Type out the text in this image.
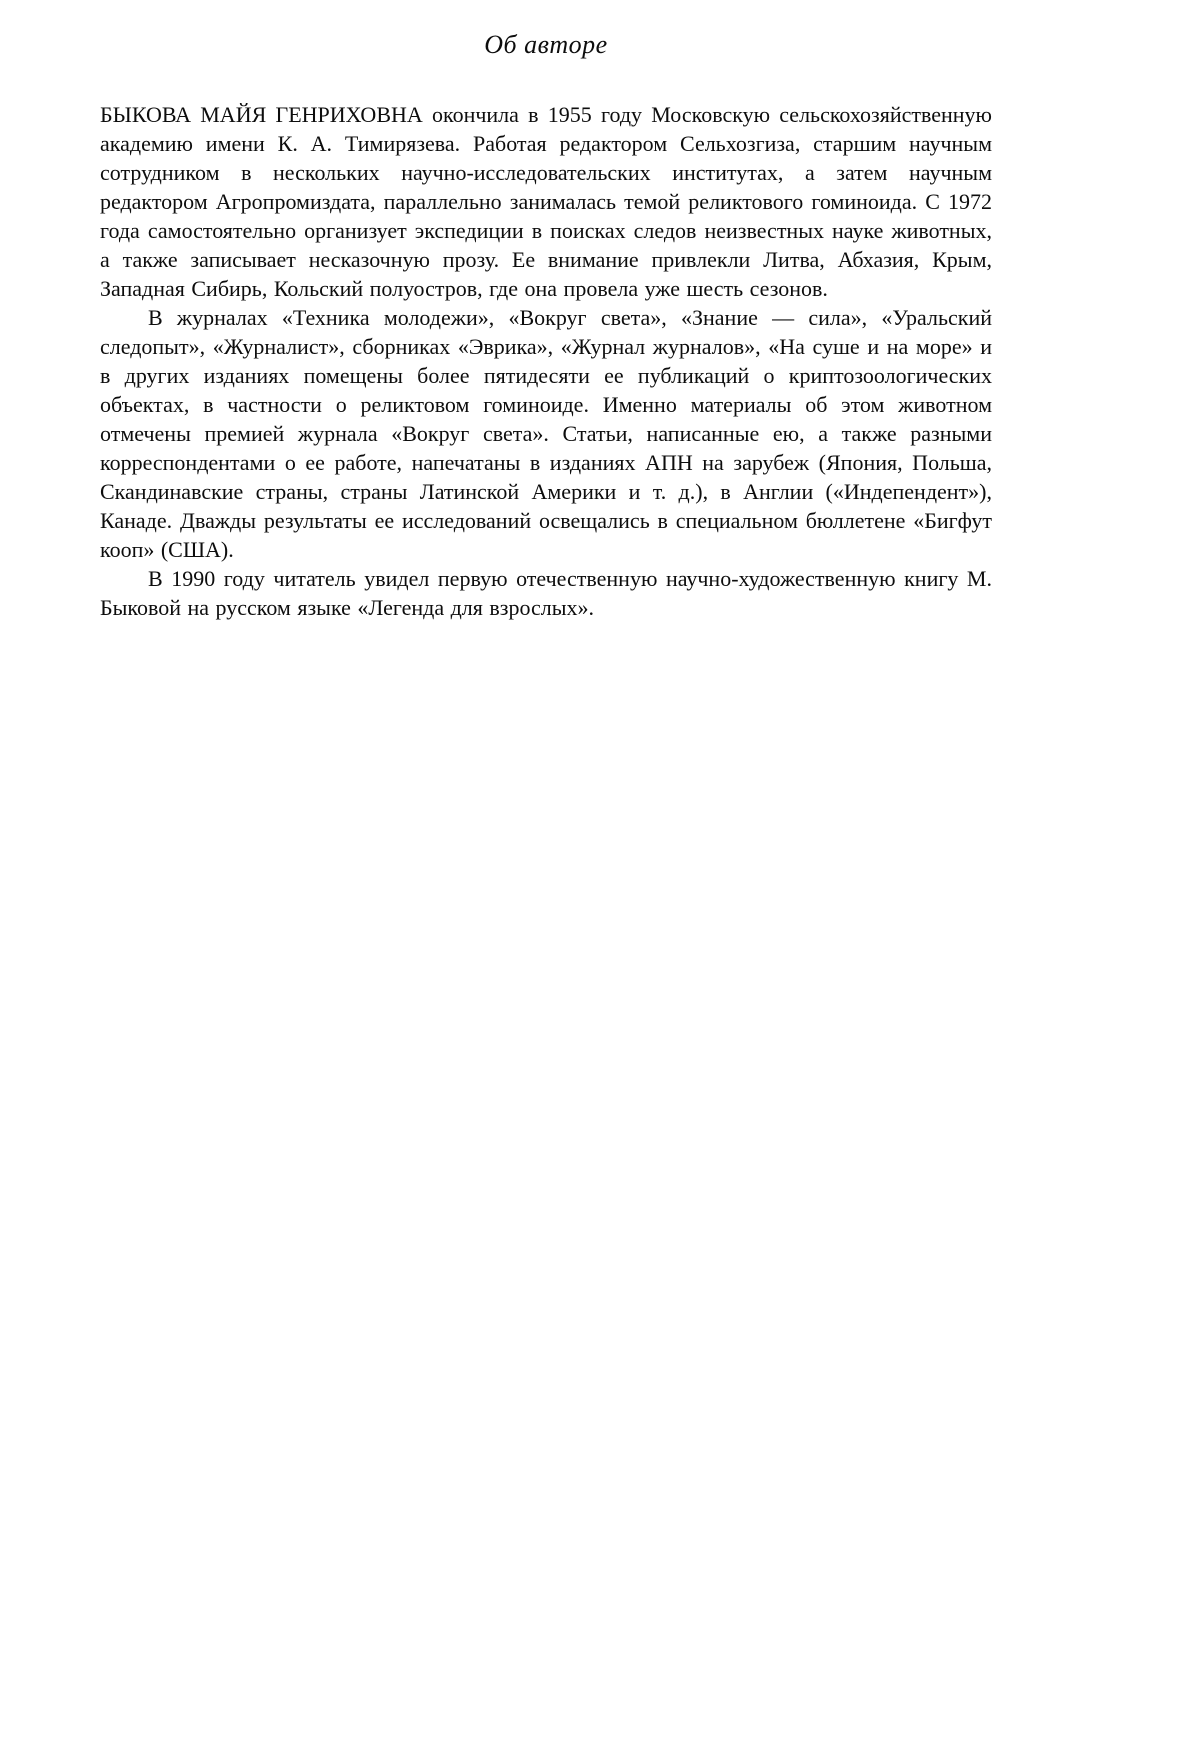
Об авторе

БЫКОВА МАЙЯ ГЕНРИХОВНА окончила в 1955 году Московскую сельскохозяйственную академию имени К. А. Тимирязева. Работая редактором Сельхозгиза, старшим научным сотрудником в нескольких научно-исследовательских институтах, а затем научным редактором Агропромиздата, параллельно занималась темой реликтового гоминоида. С 1972 года самостоятельно организует экспедиции в поисках следов неизвестных науке животных, а также записывает несказочную прозу. Ее внимание привлекли Литва, Абхазия, Крым, Западная Сибирь, Кольский полуостров, где она провела уже шесть сезонов.

В журналах «Техника молодежи», «Вокруг света», «Знание — сила», «Уральский следопыт», «Журналист», сборниках «Эврика», «Журнал журналов», «На суше и на море» и в других изданиях помещены более пятидесяти ее публикаций о криптозоологических объектах, в частности о реликтовом гоминоиде. Именно материалы об этом животном отмечены премией журнала «Вокруг света». Статьи, написанные ею, а также разными корреспондентами о ее работе, напечатаны в изданиях АПН на зарубеж (Япония, Польша, Скандинавские страны, страны Латинской Америки и т. д.), в Англии («Индепендент»), Канаде. Дважды результаты ее исследований освещались в специальном бюллетене «Бигфут кооп» (США).

В 1990 году читатель увидел первую отечественную научно-художественную книгу М. Быковой на русском языке «Легенда для взрослых».
